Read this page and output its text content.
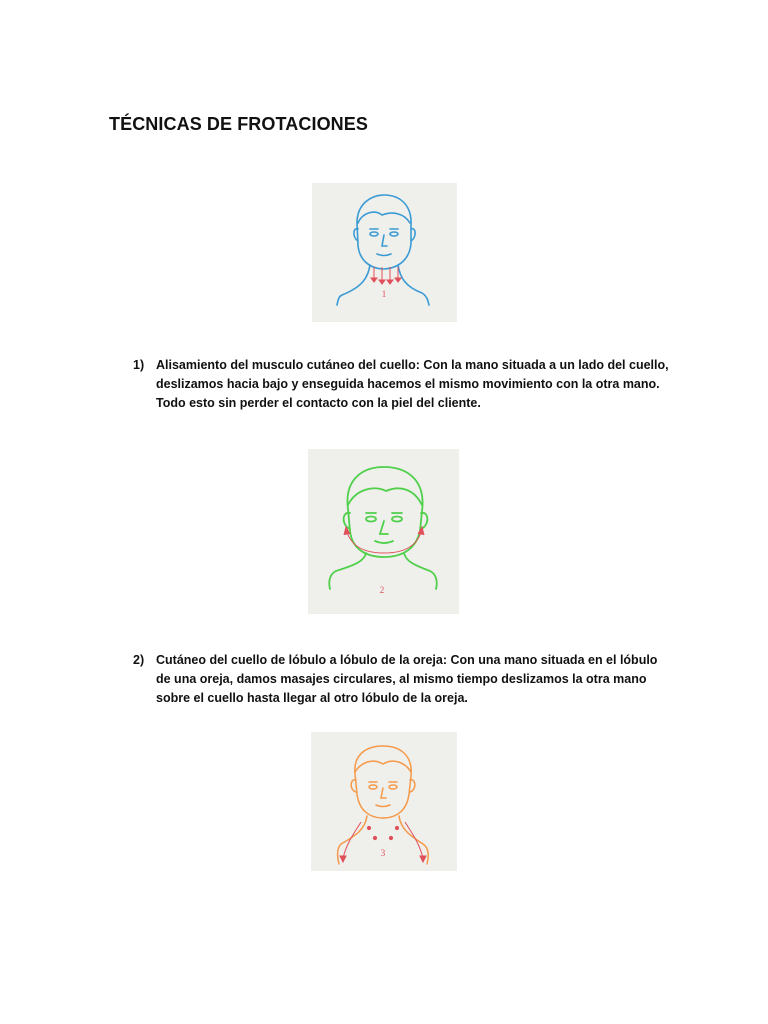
TÉCNICAS DE FROTACIONES
1
1) Alisamiento del musculo cutáneo del cuello: Con la mano situada a un lado del cuello,
deslizamos hacia bajo y enseguida hacemos el mismo movimiento con la otra mano.
Todo esto sin perder el contacto con la piel del cliente.
2
2) Cutáneo del cuello de lóbulo a lóbulo de la oreja: Con una mano situada en el lóbulo
de una oreja, damos masajes circulares, al mismo tiempo deslizamos la otra mano
sobre el cuello hasta llegar al otro lóbulo de la oreja.
3
